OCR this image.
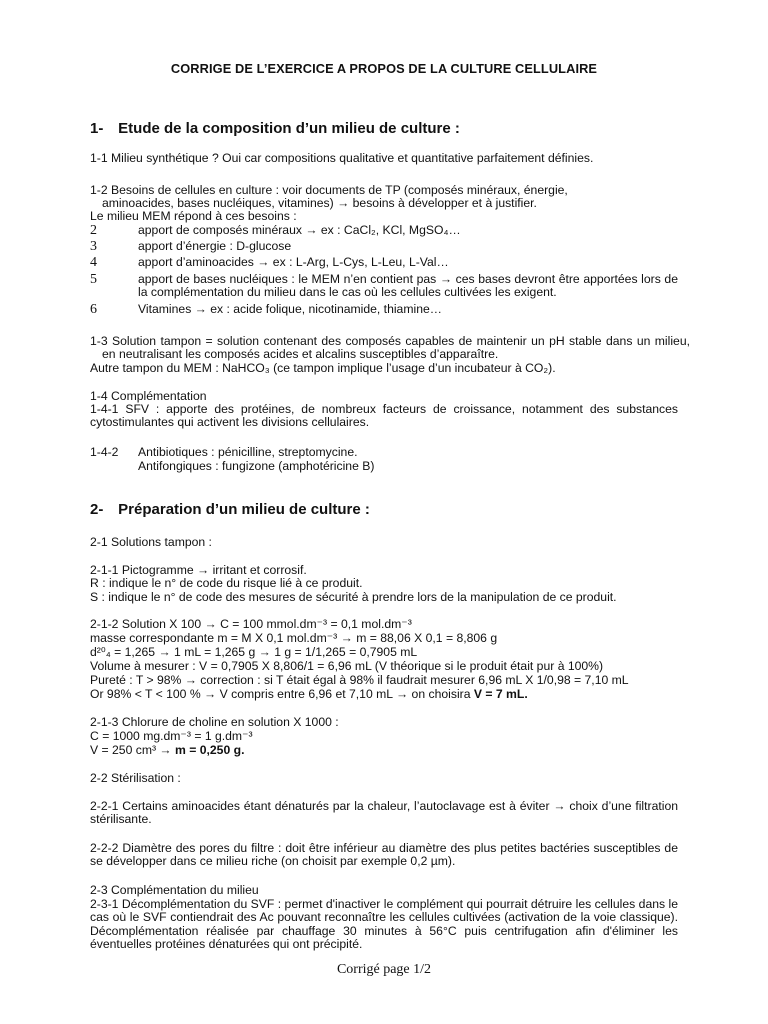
CORRIGE DE L’EXERCICE A PROPOS DE LA CULTURE CELLULAIRE
1- Etude de la composition d’un milieu de culture :
1-1 Milieu synthétique ? Oui car compositions qualitative et quantitative parfaitement définies.
1-2 Besoins de cellules en culture : voir documents de TP (composés minéraux, énergie,
aminoacides, bases nucléiques, vitamines) → besoins à développer et à justifier.
Le milieu MEM répond à ces besoins :
2	apport de composés minéraux → ex : CaCl₂, KCl, MgSO₄…
3	apport d’énergie : D-glucose
4	apport d’aminoacides → ex : L-Arg, L-Cys, L-Leu, L-Val…
5	apport de bases nucléiques : le MEM n’en contient pas → ces bases devront être apportées lors de la complémentation du milieu dans le cas où les cellules cultivées les exigent.
6	Vitamines → ex : acide folique, nicotinamide, thiamine…
1-3 Solution tampon = solution contenant des composés capables de maintenir un pH stable dans un milieu, en neutralisant les composés acides et alcalins susceptibles d’apparaître.
Autre tampon du MEM : NaHCO₃ (ce tampon implique l’usage d’un incubateur à CO₂).
1-4 Complémentation
1-4-1 SFV : apporte des protéines, de nombreux facteurs de croissance, notamment des substances cytostimulantes qui activent les divisions cellulaires.
1-4-2 Antibiotiques : pénicilline, streptomycine.
Antifongiques : fungizone (amphotéricine B)
2- Préparation d’un milieu de culture :
2-1 Solutions tampon :
2-1-1 Pictogramme → irritant et corrosif.
R : indique le n° de code du risque lié à ce produit.
S : indique le n° de code des mesures de sécurité à prendre lors de la manipulation de ce produit.
2-1-2 Solution X 100 → C = 100 mmol.dm⁻³ = 0,1 mol.dm⁻³
masse correspondante m = M X 0,1 mol.dm⁻³ → m = 88,06 X 0,1 = 8,806 g
d²⁰₄ = 1,265 → 1 mL = 1,265 g → 1 g = 1/1,265 = 0,7905 mL
Volume à mesurer : V = 0,7905 X 8,806/1 = 6,96 mL (V théorique si le produit était pur à 100%)
Pureté : T > 98% → correction : si T était égal à 98% il faudrait mesurer 6,96 mL X 1/0,98 = 7,10 mL
Or 98% < T < 100 % → V compris entre 6,96 et 7,10 mL → on choisira V = 7 mL.
2-1-3 Chlorure de choline en solution X 1000 :
C = 1000 mg.dm⁻³ = 1 g.dm⁻³
V = 250 cm³ → m = 0,250 g.
2-2 Stérilisation :
2-2-1 Certains aminoacides étant dénaturés par la chaleur, l’autoclavage est à éviter → choix d’une filtration stérilisante.
2-2-2 Diamètre des pores du filtre : doit être inférieur au diamètre des plus petites bactéries susceptibles de se développer dans ce milieu riche (on choisit par exemple 0,2 µm).
2-3 Complémentation du milieu
2-3-1 Décomplémentation du SVF : permet d'inactiver le complément qui pourrait détruire les cellules dans le cas où le SVF contiendrait des Ac pouvant reconnaître les cellules cultivées (activation de la voie classique). Décomplémentation réalisée par chauffage 30 minutes à 56°C puis centrifugation afin d'éliminer les éventuelles protéines dénaturées qui ont précipité.
Corrigé page 1/2
